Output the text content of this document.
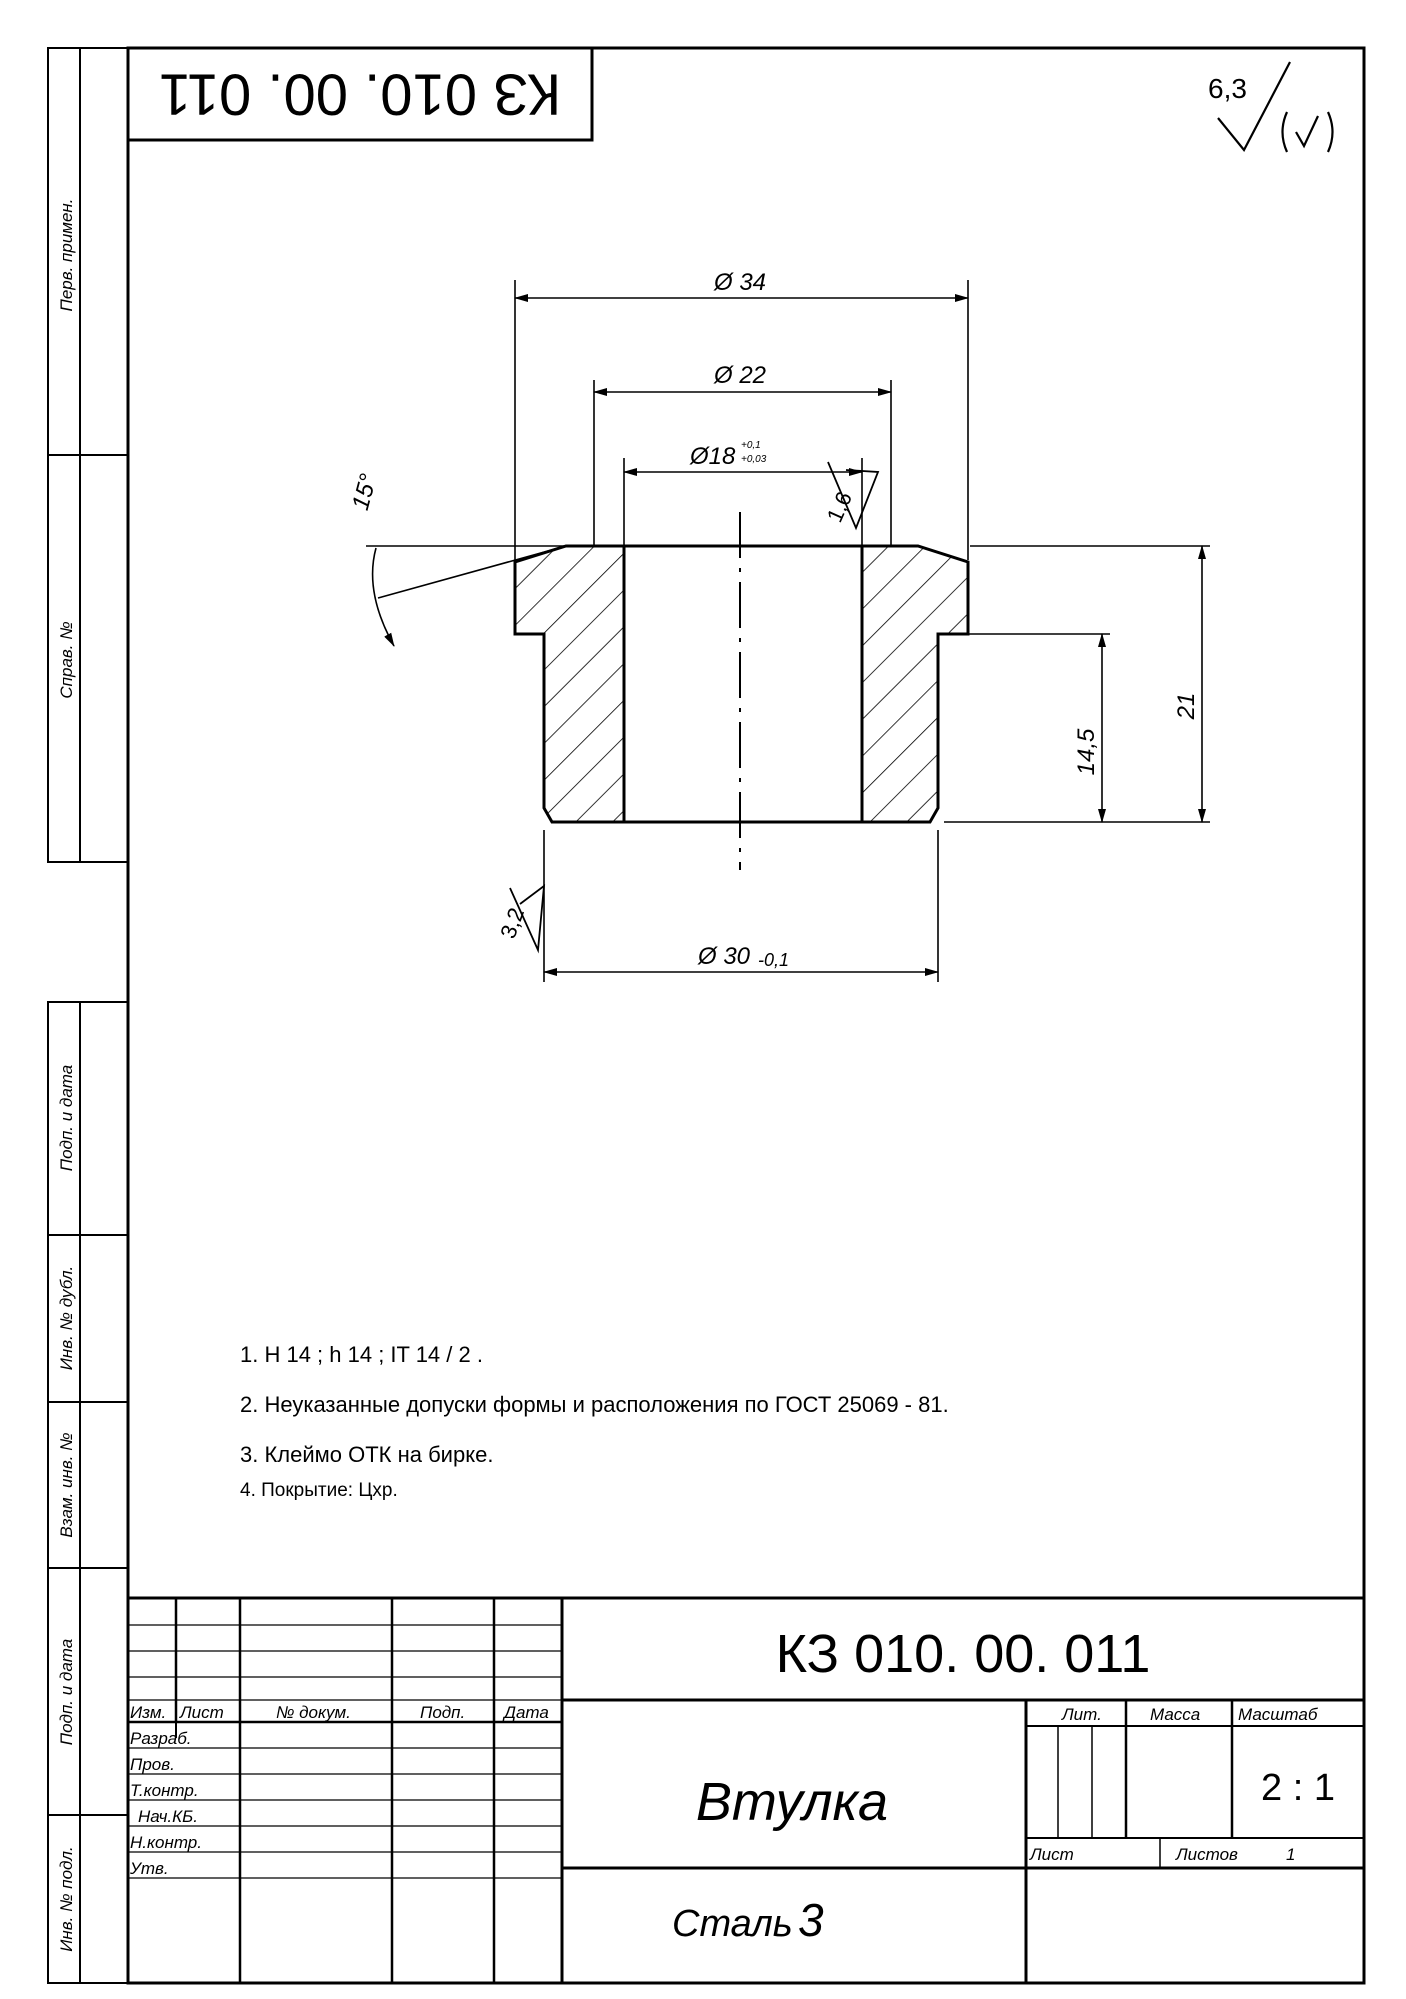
Перв. примен.
Справ. №
Подп. и дата
Инв. № дубл.
Взам. инв. №
Подп. и дата
Инв. № подл.
КЗ 010. 00. 011	6,3
Ø 34
Ø 22
Ø18 +0,1
+0,03
Ø 30 -0,1
14,5
21
15°	1,6
3,2
1. H 14 ; h 14 ; IT 14 / 2 .
2. Неуказанные допуски формы и расположения по ГОСТ 25069 - 81.
3. Клеймо ОТК на бирке.
4. Покрытие: Цхр.
Изм. Лист	№ докум.	Подп. Дата
Разраб.
Пров.
Т.контр.
Нач.КБ.
Н.контр.
Утв.
Лит.	Масса Масштаб
Лист	Листов	1
КЗ 010. 00. 011
Втулка	2 : 1
Сталь 3
